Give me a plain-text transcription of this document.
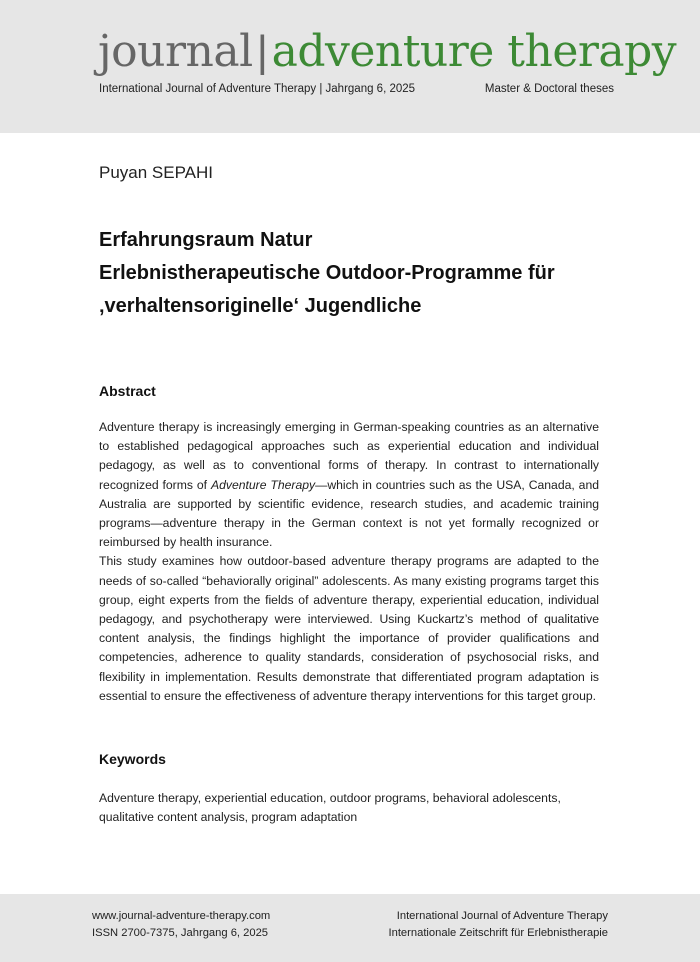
journal|adventure therapy
International Journal of Adventure Therapy | Jahrgang 6, 2025	Master & Doctoral theses
Puyan SEPAHI
Erfahrungsraum Natur
Erlebnistherapeutische Outdoor-Programme für
‚verhaltensoriginelle‘ Jugendliche
Abstract

Adventure therapy is increasingly emerging in German-speaking countries as an alternative to established pedagogical approaches such as experiential education and individual pedagogy, as well as to conventional forms of therapy. In contrast to internationally recognized forms of Adventure Therapy—which in countries such as the USA, Canada, and Australia are supported by scientific evidence, research studies, and academic training programs—adventure therapy in the German context is not yet formally recognized or reimbursed by health insurance.

This study examines how outdoor-based adventure therapy programs are adapted to the needs of so-called “behaviorally original” adolescents. As many existing programs target this group, eight experts from the fields of adventure therapy, experiential education, individual pedagogy, and psychotherapy were interviewed. Using Kuckartz’s method of qualitative content analysis, the findings highlight the importance of provider qualifications and competencies, adherence to quality standards, consideration of psychosocial risks, and flexibility in implementation. Results demonstrate that differentiated program adaptation is essential to ensure the effectiveness of adventure therapy interventions for this target group.

Keywords
Adventure therapy, experiential education, outdoor programs, behavioral adolescents, qualitative content analysis, program adaptation
www.journal-adventure-therapy.com
ISSN 2700-7375, Jahrgang 6, 2025
International Journal of Adventure Therapy
Internationale Zeitschrift für Erlebnistherapie
